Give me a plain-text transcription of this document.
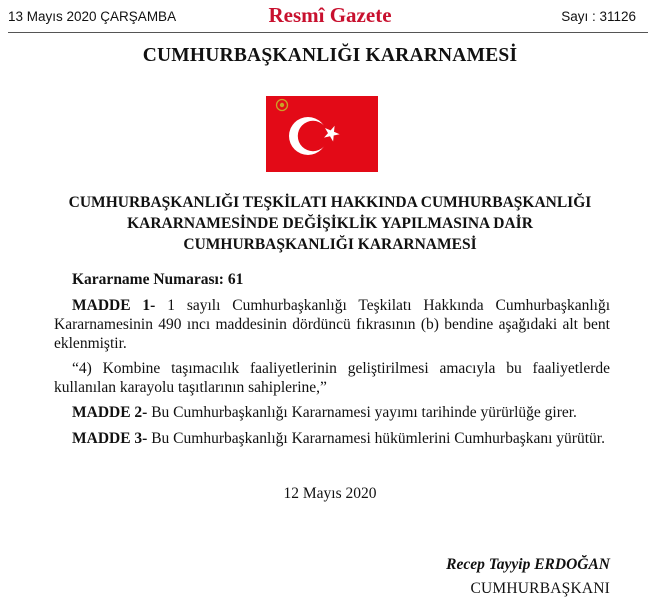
13 Mayıs 2020 ÇARŞAMBA	Resmî Gazete	Sayı : 31126
CUMHURBAŞKANLIĞI KARARNAMESİ
CUMHURBAŞKANLIĞI TEŞKİLATI HAKKINDA CUMHURBAŞKANLIĞI
KARARNAMESİNDE DEĞİŞİKLİK YAPILMASINA DAİR
CUMHURBAŞKANLIĞI KARARNAMESİ
Kararname Numarası: 61
MADDE 1- 1 sayılı Cumhurbaşkanlığı Teşkilatı Hakkında Cumhurbaşkanlığı
Kararnamesinin 490 ıncı maddesinin dördüncü fıkrasının (b) bendine aşağıdaki alt bent
eklenmiştir.
“4) Kombine taşımacılık faaliyetlerinin geliştirilmesi amacıyla bu faaliyetlerde
kullanılan karayolu taşıtlarının sahiplerine,”
MADDE 2- Bu Cumhurbaşkanlığı Kararnamesi yayımı tarihinde yürürlüğe girer.
MADDE 3- Bu Cumhurbaşkanlığı Kararnamesi hükümlerini Cumhurbaşkanı yürütür.
12 Mayıs 2020
Recep Tayyip ERDOĞAN
CUMHURBAŞKANI
